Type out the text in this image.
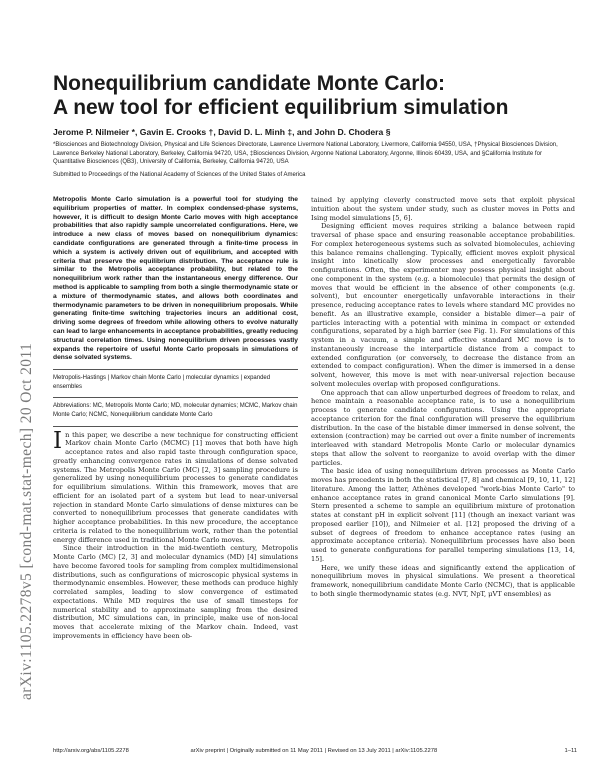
arXiv:1105.2278v5 [cond-mat.stat-mech] 20 Oct 2011
Nonequilibrium candidate Monte Carlo:
A new tool for efficient equilibrium simulation
Jerome P. Nilmeier *, Gavin E. Crooks †, David D. L. Minh ‡, and John D. Chodera §
*Biosciences and Biotechnology Division, Physical and Life Sciences Directorate, Lawrence Livermore National Laboratory, Livermore, California 94550, USA, †Physical Biosciences Division, Lawrence Berkeley National Laboratory, Berkeley, California 94720, USA, ‡Biosciences Division, Argonne National Laboratory, Argonne, Illinois 60439, USA, and §California Institute for Quantitative Biosciences (QB3), University of California, Berkeley, California 94720, USA
Submitted to Proceedings of the National Academy of Sciences of the United States of America

Metropolis Monte Carlo simulation is a powerful tool for studying the equilibrium properties of matter. In complex condensed-phase systems, however, it is difficult to design Monte Carlo moves with high acceptance probabilities that also rapidly sample uncorrelated configurations. Here, we introduce a new class of moves based on nonequilibrium dynamics: candidate configurations are generated through a finite-time process in which a system is actively driven out of equilibrium, and accepted with criteria that preserve the equilibrium distribution. The acceptance rule is similar to the Metropolis acceptance probability, but related to the nonequilibrium work rather than the instantaneous energy difference. Our method is applicable to sampling from both a single thermodynamic state or a mixture of thermodynamic states, and allows both coordinates and thermodynamic parameters to be driven in nonequilibrium proposals. While generating finite-time switching trajectories incurs an additional cost, driving some degrees of freedom while allowing others to evolve naturally can lead to large enhancements in acceptance probabilities, greatly reducing structural correlation times. Using nonequilibrium driven processes vastly expands the repertoire of useful Monte Carlo proposals in simulations of dense solvated systems.

Metropolis-Hastings | Markov chain Monte Carlo | molecular dynamics | expanded ensembles

Abbreviations: MC, Metropolis Monte Carlo; MD, molecular dynamics; MCMC, Markov chain Monte Carlo; NCMC, Nonequilibrium candidate Monte Carlo

In this paper, we describe a new technique for constructing efficient Markov chain Monte Carlo (MCMC) [1] moves that both have high acceptance rates and also rapid taste through configuration space, greatly enhancing convergence rates in simulations of dense solvated systems. The Metropolis Monte Carlo (MC) [2, 3] sampling procedure is generalized by using nonequilibrium processes to generate candidates for equilibrium simulations. Within this framework, moves that are efficient for an isolated part of a system but lead to near-universal rejection in standard Monte Carlo simulations of dense mixtures can be converted to nonequilibrium processes that generate candidates with higher acceptance probabilities. In this new procedure, the acceptance criteria is related to the nonequilibrium work, rather than the potential energy difference used in traditional Monte Carlo moves.

Since their introduction in the mid-twentieth century, Metropolis Monte Carlo (MC) [2, 3] and molecular dynamics (MD) [4] simulations have become favored tools for sampling from complex multidimensional distributions, such as configurations of microscopic physical systems in thermodynamic ensembles. However, these methods can produce highly correlated samples, leading to slow convergence of estimated expectations. While MD requires the use of small timesteps for numerical stability and to approximate sampling from the desired distribution, MC simulations can, in principle, make use of non-local moves that accelerate mixing of the Markov chain. Indeed, vast improvements in efficiency have been ob-

tained by applying cleverly constructed move sets that exploit physical intuition about the system under study, such as cluster moves in Potts and Ising model simulations [5, 6].

Designing efficient moves requires striking a balance between rapid traversal of phase space and ensuring reasonable acceptance probabilities. For complex heterogeneous systems such as solvated biomolecules, achieving this balance remains challenging. Typically, efficient moves exploit physical insight into kinetically slow processes and energetically favorable configurations. Often, the experimenter may possess physical insight about one component in the system (e.g. a biomolecule) that permits the design of moves that would be efficient in the absence of other components (e.g. solvent), but encounter energetically unfavorable interactions in their presence, reducing acceptance rates to levels where standard MC provides no benefit. As an illustrative example, consider a bistable dimer—a pair of particles interacting with a potential with minima in compact or extended configurations, separated by a high barrier (see Fig. 1). For simulations of this system in a vacuum, a simple and effective standard MC move is to instantaneously increase the interparticle distance from a compact to extended configuration (or conversely, to decrease the distance from an extended to compact configuration). When the dimer is immersed in a dense solvent, however, this move is met with near-universal rejection because solvent molecules overlap with proposed configurations.

One approach that can allow unperturbed degrees of freedom to relax, and hence maintain a reasonable acceptance rate, is to use a nonequilibrium process to generate candidate configurations. Using the appropriate acceptance criterion for the final configuration will preserve the equilibrium distribution. In the case of the bistable dimer immersed in dense solvent, the extension (contraction) may be carried out over a finite number of increments interleaved with standard Metropolis Monte Carlo or molecular dynamics steps that allow the solvent to reorganize to avoid overlap with the dimer particles.

The basic idea of using nonequilibrium driven processes as Monte Carlo moves has precedents in both the statistical [7, 8] and chemical [9, 10, 11, 12] literature. Among the latter, Athènes developed "work-bias Monte Carlo" to enhance acceptance rates in grand canonical Monte Carlo simulations [9]. Stern presented a scheme to sample an equilibrium mixture of protonation states at constant pH in explicit solvent [11] (though an inexact variant was proposed earlier [10]), and Nilmeier et al. [12] proposed the driving of a subset of degrees of freedom to enhance acceptance rates (using an approximate acceptance criteria). Nonequilibrium processes have also been used to generate configurations for parallel tempering simulations [13, 14, 15].

Here, we unify these ideas and significantly extend the application of nonequilibrium moves in physical simulations. We present a theoretical framework, nonequilibrium candidate Monte Carlo (NCMC), that is applicable to both single thermodynamic states (e.g. NVT, NpT, μVT ensembles) as

http://arxiv.org/abs/1105.2278	arXiv preprint | Originally submitted on 11 May 2011 | Revised on 13 July 2011 | arXiv:1105.2278	1–11
